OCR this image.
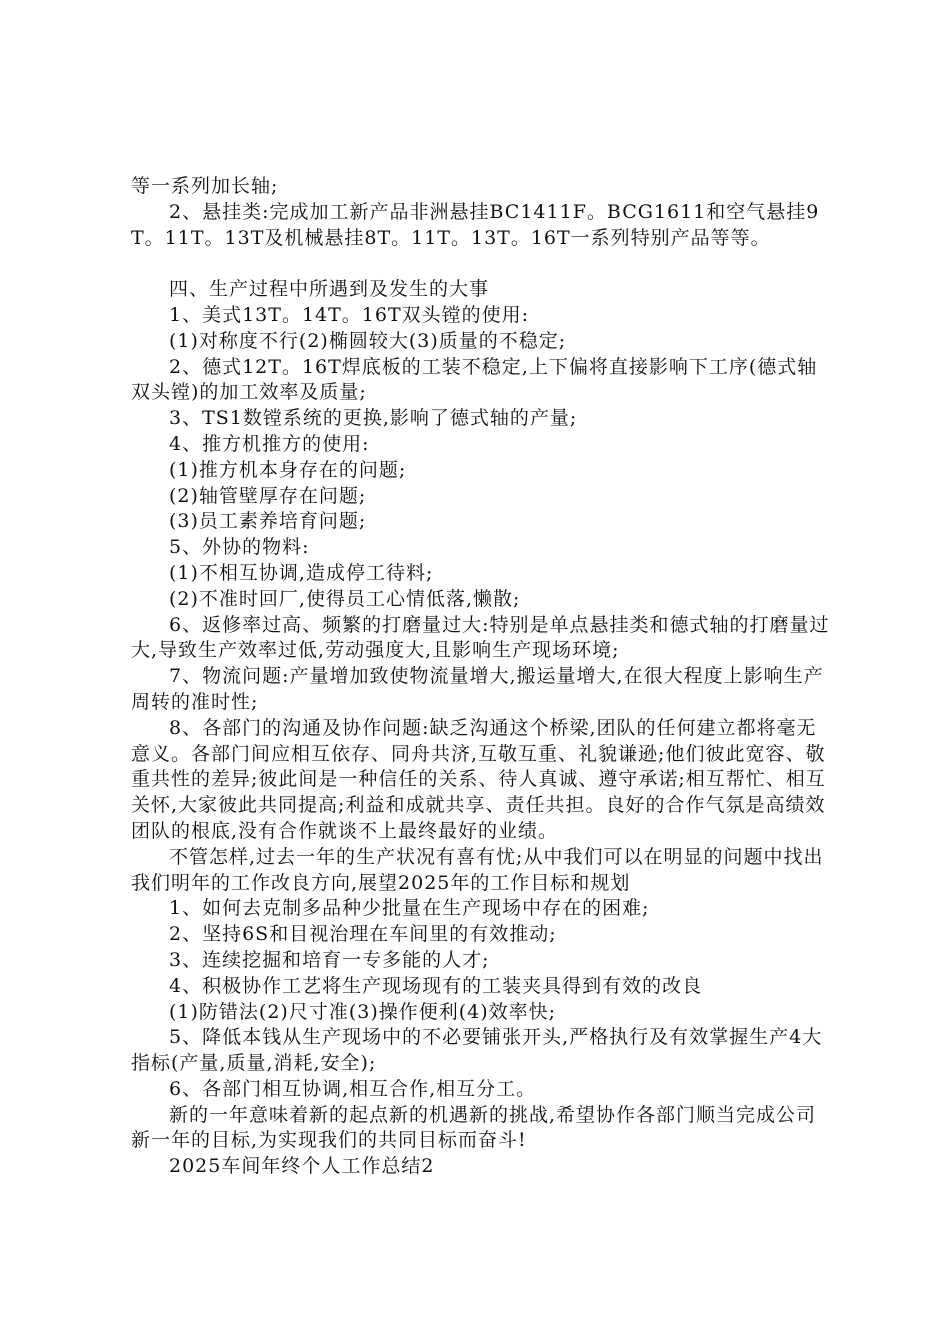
等一系列加长轴;

2、悬挂类:完成加工新产品非洲悬挂BC1411F。BCG1611和空气悬挂9T。11T。13T及机械悬挂8T。11T。13T。16T一系列特别产品等等。

四、生产过程中所遇到及发生的大事

1、美式13T。14T。16T双头镗的使用:

(1)对称度不行(2)椭圆较大(3)质量的不稳定;

2、德式12T。16T焊底板的工装不稳定,上下偏将直接影响下工序(德式轴双头镗)的加工效率及质量;

3、TS1数镗系统的更换,影响了德式轴的产量;

4、推方机推方的使用:

(1)推方机本身存在的问题;

(2)轴管壁厚存在问题;

(3)员工素养培育问题;

5、外协的物料:

(1)不相互协调,造成停工待料;

(2)不准时回厂,使得员工心情低落,懒散;

6、返修率过高、频繁的打磨量过大:特别是单点悬挂类和德式轴的打磨量过大,导致生产效率过低,劳动强度大,且影响生产现场环境;

7、物流问题:产量增加致使物流量增大,搬运量增大,在很大程度上影响生产周转的准时性;

8、各部门的沟通及协作问题:缺乏沟通这个桥梁,团队的任何建立都将毫无意义。各部门间应相互依存、同舟共济,互敬互重、礼貌谦逊;他们彼此宽容、敬重共性的差异;彼此间是一种信任的关系、待人真诚、遵守承诺;相互帮忙、相互关怀,大家彼此共同提高;利益和成就共享、责任共担。良好的合作气氛是高绩效团队的根底,没有合作就谈不上最终最好的业绩。

不管怎样,过去一年的生产状况有喜有忧;从中我们可以在明显的问题中找出我们明年的工作改良方向,展望2025年的工作目标和规划

1、如何去克制多品种少批量在生产现场中存在的困难;

2、坚持6S和目视治理在车间里的有效推动;

3、连续挖掘和培育一专多能的人才;

4、积极协作工艺将生产现场现有的工装夹具得到有效的改良

(1)防错法(2)尺寸准(3)操作便利(4)效率快;

5、降低本钱从生产现场中的不必要铺张开头,严格执行及有效掌握生产4大指标(产量,质量,消耗,安全);

6、各部门相互协调,相互合作,相互分工。

新的一年意味着新的起点新的机遇新的挑战,希望协作各部门顺当完成公司新一年的目标,为实现我们的共同目标而奋斗!

2025车间年终个人工作总结2
